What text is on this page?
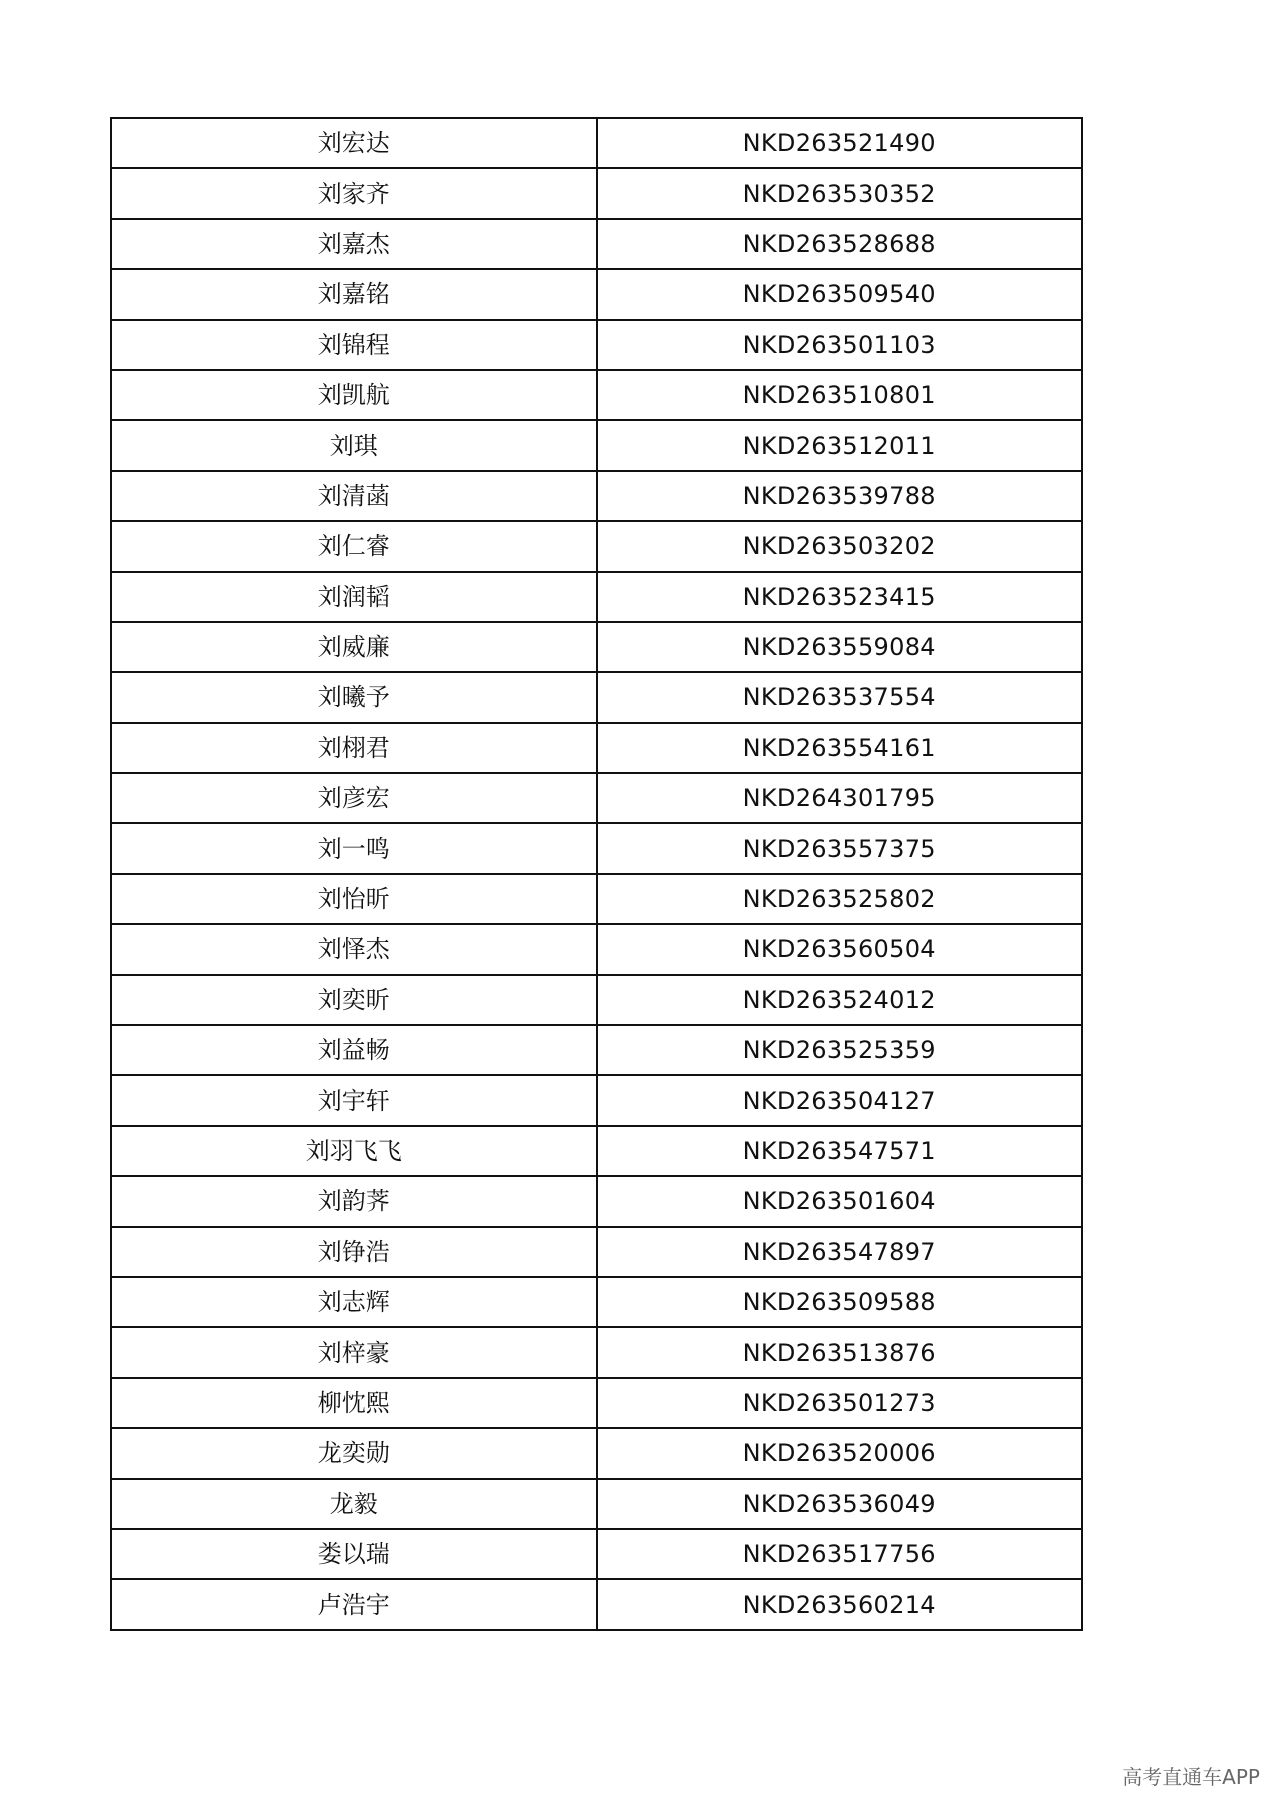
刘宏达	NKD263521490
刘家齐	NKD263530352
刘嘉杰	NKD263528688
刘嘉铭	NKD263509540
刘锦程	NKD263501103
刘凯航	NKD263510801
刘琪	NKD263512011
刘清菡	NKD263539788
刘仁睿	NKD263503202
刘润韬	NKD263523415
刘威廉	NKD263559084
刘曦予	NKD263537554
刘栩君	NKD263554161
刘彦宏	NKD264301795
刘一鸣	NKD263557375
刘怡昕	NKD263525802
刘怿杰	NKD263560504
刘奕昕	NKD263524012
刘益畅	NKD263525359
刘宇轩	NKD263504127
刘羽飞飞	NKD263547571
刘韵荠	NKD263501604
刘铮浩	NKD263547897
刘志辉	NKD263509588
刘梓豪	NKD263513876
柳忱熙	NKD263501273
龙奕勋	NKD263520006
龙毅	NKD263536049
娄以瑞	NKD263517756
卢浩宇	NKD263560214
高考直通车APP
